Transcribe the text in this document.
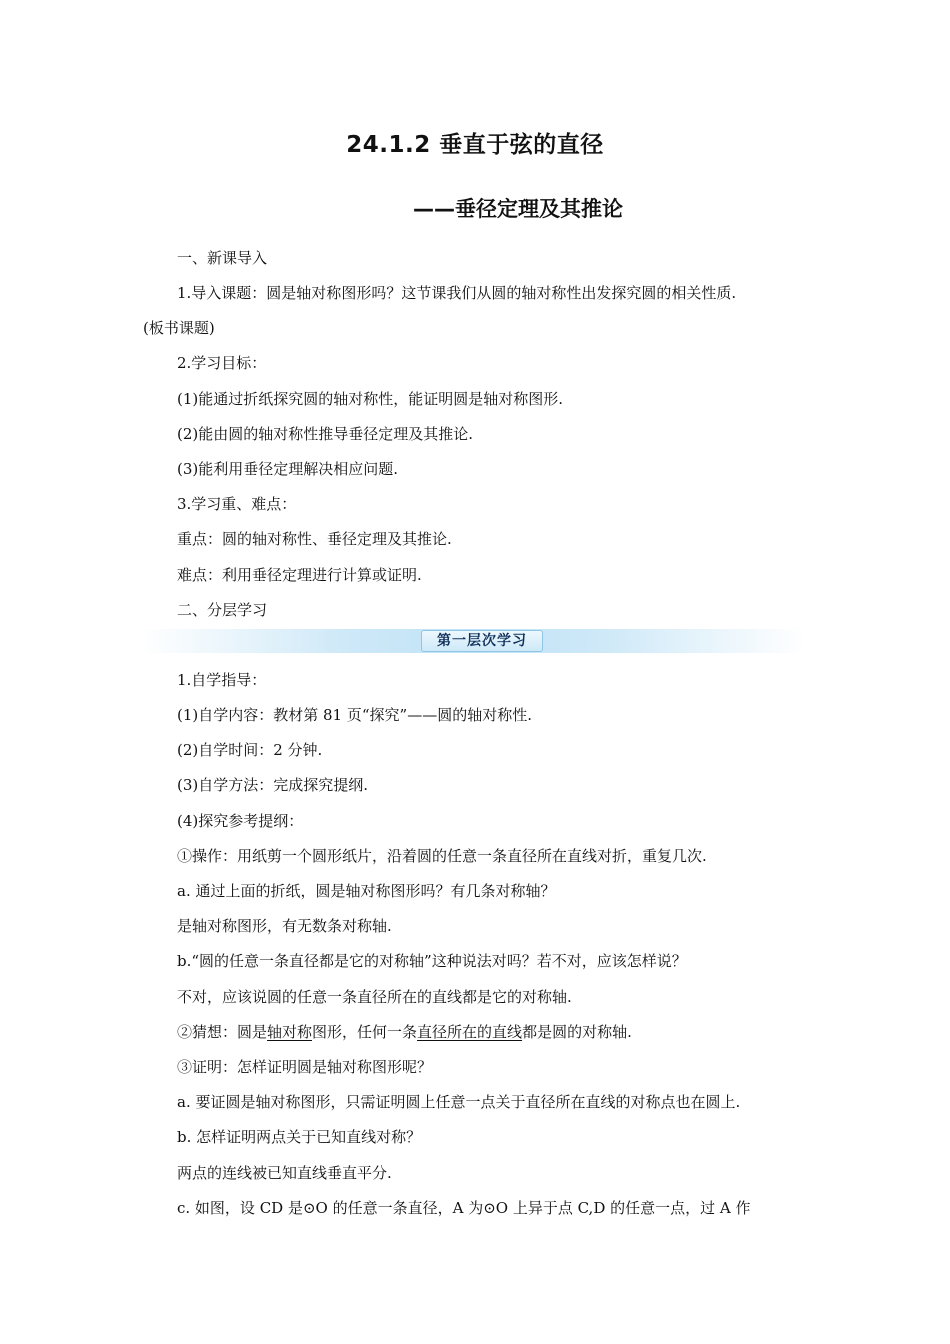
24.1.2 垂直于弦的直径
——垂径定理及其推论
一、新课导入
1.导入课题：圆是轴对称图形吗？这节课我们从圆的轴对称性出发探究圆的相关性质.
(板书课题)
2.学习目标：
(1)能通过折纸探究圆的轴对称性，能证明圆是轴对称图形.
(2)能由圆的轴对称性推导垂径定理及其推论.
(3)能利用垂径定理解决相应问题.
3.学习重、难点：
重点：圆的轴对称性、垂径定理及其推论.
难点：利用垂径定理进行计算或证明.
二、分层学习
第一层次学习
1.自学指导：
(1)自学内容：教材第 81 页“探究”——圆的轴对称性.
(2)自学时间：2 分钟.
(3)自学方法：完成探究提纲.
(4)探究参考提纲：
①操作：用纸剪一个圆形纸片，沿着圆的任意一条直径所在直线对折，重复几次.
a. 通过上面的折纸，圆是轴对称图形吗？有几条对称轴？
是轴对称图形，有无数条对称轴.
b.“圆的任意一条直径都是它的对称轴”这种说法对吗？若不对，应该怎样说？
不对，应该说圆的任意一条直径所在的直线都是它的对称轴.
②猜想：圆是轴对称图形，任何一条直径所在的直线都是圆的对称轴.
③证明：怎样证明圆是轴对称图形呢？
a. 要证圆是轴对称图形，只需证明圆上任意一点关于直径所在直线的对称点也在圆上.
b. 怎样证明两点关于已知直线对称？
两点的连线被已知直线垂直平分.
c. 如图，设 CD 是⊙O 的任意一条直径，A 为⊙O 上异于点 C,D 的任意一点，过 A 作
